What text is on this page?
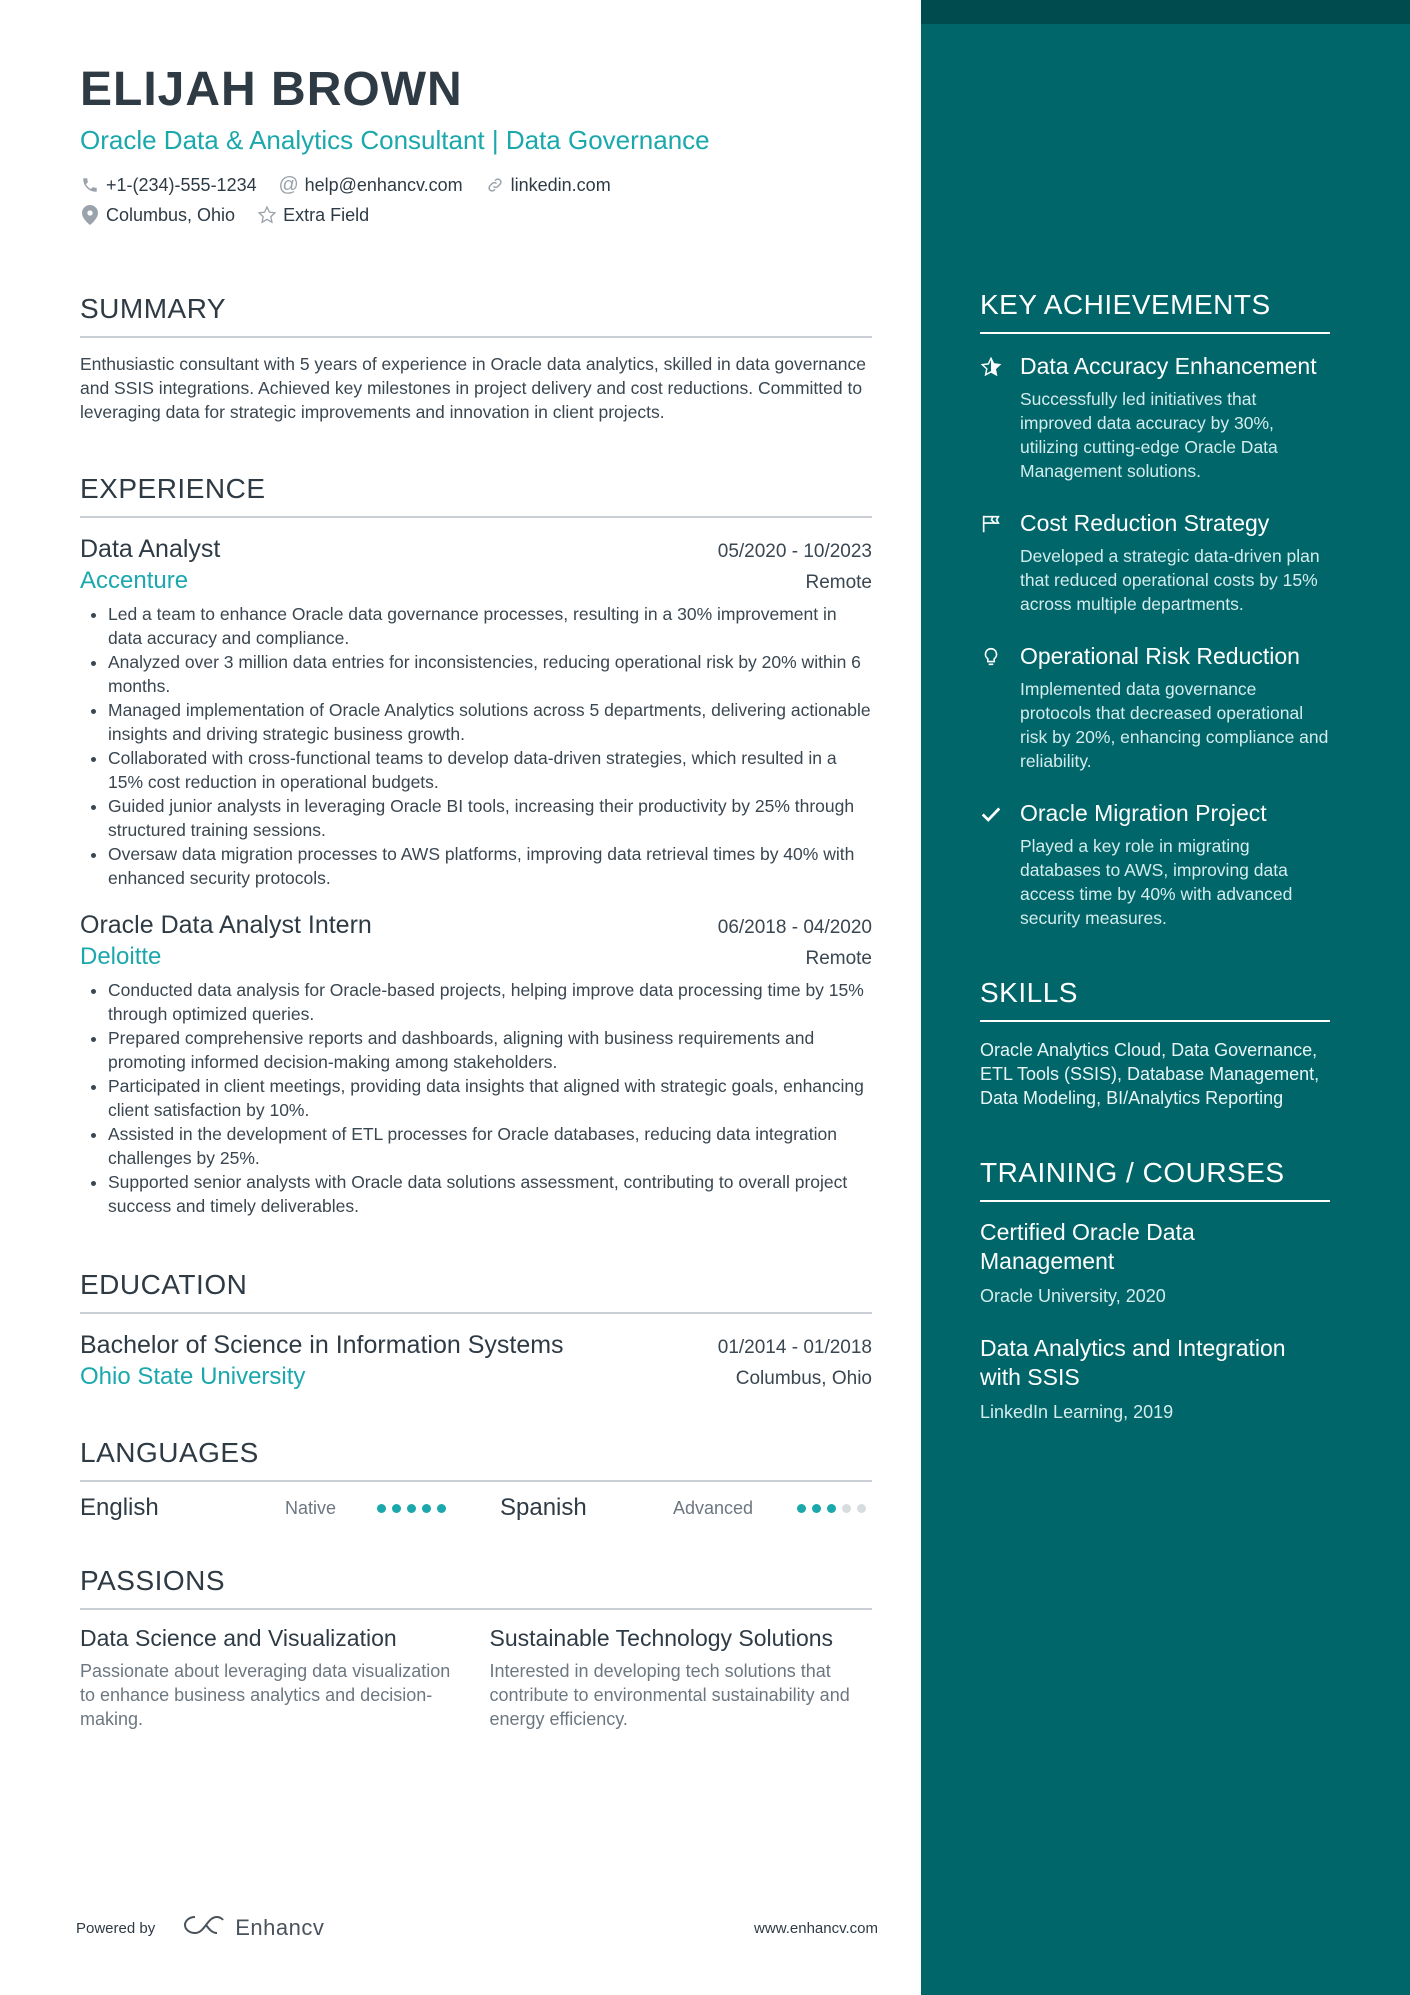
ELIJAH BROWN
Oracle Data & Analytics Consultant | Data Governance
+1-(234)-555-1234 @ help@enhancv.com	linkedin.com
Columbus, Ohio	Extra Field
SUMMARY
Enthusiastic consultant with 5 years of experience in Oracle data analytics, skilled in data governance and SSIS integrations. Achieved key milestones in project delivery and cost reductions. Committed to leveraging data for strategic improvements and innovation in client projects.
EXPERIENCE
Data Analyst	05/2020 - 10/2023
Accenture	Remote
• Led a team to enhance Oracle data governance processes, resulting in a 30% improvement in data accuracy and compliance.
• Analyzed over 3 million data entries for inconsistencies, reducing operational risk by 20% within 6 months.
• Managed implementation of Oracle Analytics solutions across 5 departments, delivering actionable insights and driving strategic business growth.
• Collaborated with cross-functional teams to develop data-driven strategies, which resulted in a 15% cost reduction in operational budgets.
• Guided junior analysts in leveraging Oracle BI tools, increasing their productivity by 25% through structured training sessions.
• Oversaw data migration processes to AWS platforms, improving data retrieval times by 40% with enhanced security protocols.
Oracle Data Analyst Intern	06/2018 - 04/2020
Deloitte	Remote
• Conducted data analysis for Oracle-based projects, helping improve data processing time by 15% through optimized queries.
• Prepared comprehensive reports and dashboards, aligning with business requirements and promoting informed decision-making among stakeholders.
• Participated in client meetings, providing data insights that aligned with strategic goals, enhancing client satisfaction by 10%.
• Assisted in the development of ETL processes for Oracle databases, reducing data integration challenges by 25%.
• Supported senior analysts with Oracle data solutions assessment, contributing to overall project success and timely deliverables.
EDUCATION
Bachelor of Science in Information Systems	01/2014 - 01/2018
Ohio State University	Columbus, Ohio
LANGUAGES
English	Native	Spanish	Advanced
PASSIONS
Data Science and Visualization
Passionate about leveraging data visualization to enhance business analytics and decision-making.
Sustainable Technology Solutions
Interested in developing tech solutions that contribute to environmental sustainability and energy efficiency.
Powered by	Enhancv	www.enhancv.com
KEY ACHIEVEMENTS
Data Accuracy Enhancement
Successfully led initiatives that improved data accuracy by 30%, utilizing cutting-edge Oracle Data Management solutions.
Cost Reduction Strategy
Developed a strategic data-driven plan that reduced operational costs by 15% across multiple departments.
Operational Risk Reduction
Implemented data governance protocols that decreased operational risk by 20%, enhancing compliance and reliability.
Oracle Migration Project
Played a key role in migrating databases to AWS, improving data access time by 40% with advanced security measures.
SKILLS
Oracle Analytics Cloud, Data Governance, ETL Tools (SSIS), Database Management, Data Modeling, BI/Analytics Reporting
TRAINING / COURSES
Certified Oracle Data Management
Oracle University, 2020
Data Analytics and Integration with SSIS
LinkedIn Learning, 2019
